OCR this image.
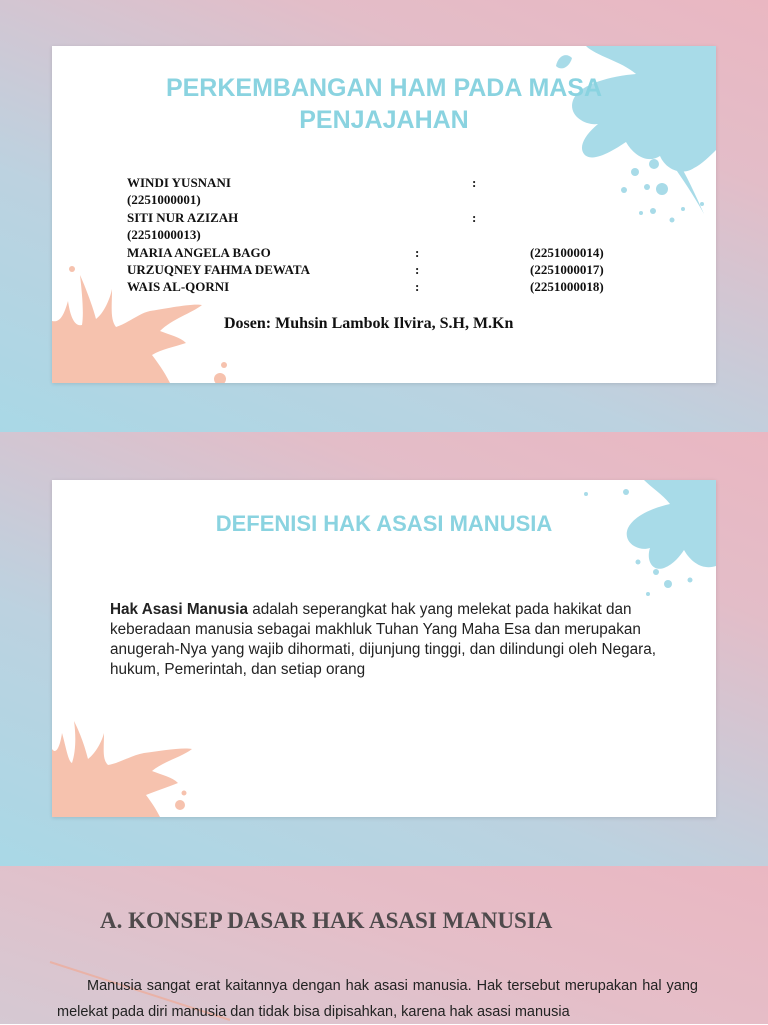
PERKEMBANGAN HAM PADA MASA
PENJAJAHAN
WINDI YUSNANI	:
(2251000001)
SITI NUR AZIZAH	:
(2251000013)
MARIA ANGELA BAGO	:	(2251000014)
URZUQNEY FAHMA DEWATA	:	(2251000017)
WAIS AL-QORNI	:	(2251000018)
Dosen: Muhsin Lambok Ilvira, S.H, M.Kn
DEFENISI HAK ASASI MANUSIA
Hak Asasi Manusia adalah seperangkat hak yang melekat pada hakikat dan keberadaan manusia sebagai makhluk Tuhan Yang Maha Esa dan merupakan anugerah-Nya yang wajib dihormati, dijunjung tinggi, dan dilindungi oleh Negara, hukum, Pemerintah, dan setiap orang
A. KONSEP DASAR HAK ASASI MANUSIA
Manusia sangat erat kaitannya dengan hak asasi manusia. Hak tersebut merupakan hal yang melekat pada diri manusia dan tidak bisa dipisahkan, karena hak asasi manusia
